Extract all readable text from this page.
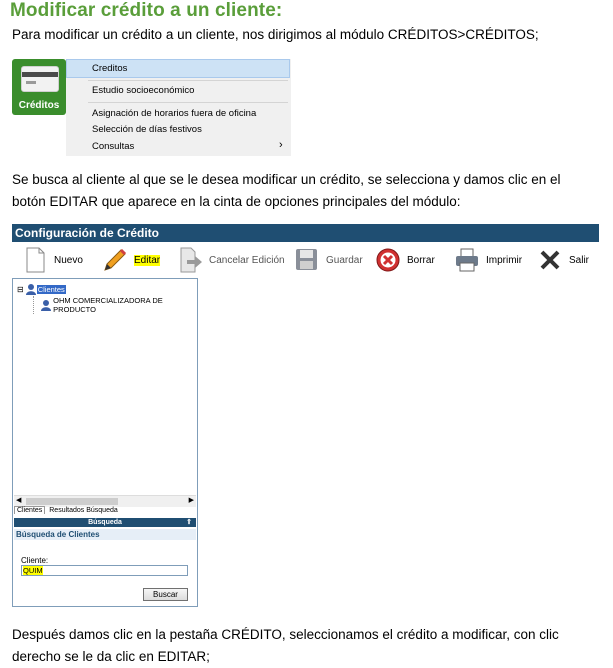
Modificar crédito a un cliente:
Para modificar un crédito a un cliente, nos dirigimos al módulo CRÉDITOS>CRÉDITOS;
Créditos
Creditos
Estudio socioeconómico
Asignación de horarios fuera de oficina
Selección de días festivos
Consultas	›
Se busca al cliente al que se le desea modificar un crédito, se selecciona y damos clic en el
botón EDITAR que aparece en la cinta de opciones principales del módulo:
Configuración de Crédito
Nuevo	Editar	Cancelar Edición	Guardar	Borrar	Imprimir	Salir
⊟ Clientes
OHM COMERCIALIZADORA DE PRODUCTO
◀	▶
Clientes Resultados Búsqueda
Búsqueda	⇑
Búsqueda de Clientes
Cliente:
QUIM
Buscar
Después damos clic en la pestaña CRÉDITO, seleccionamos el crédito a modificar, con clic
derecho se le da clic en EDITAR;
